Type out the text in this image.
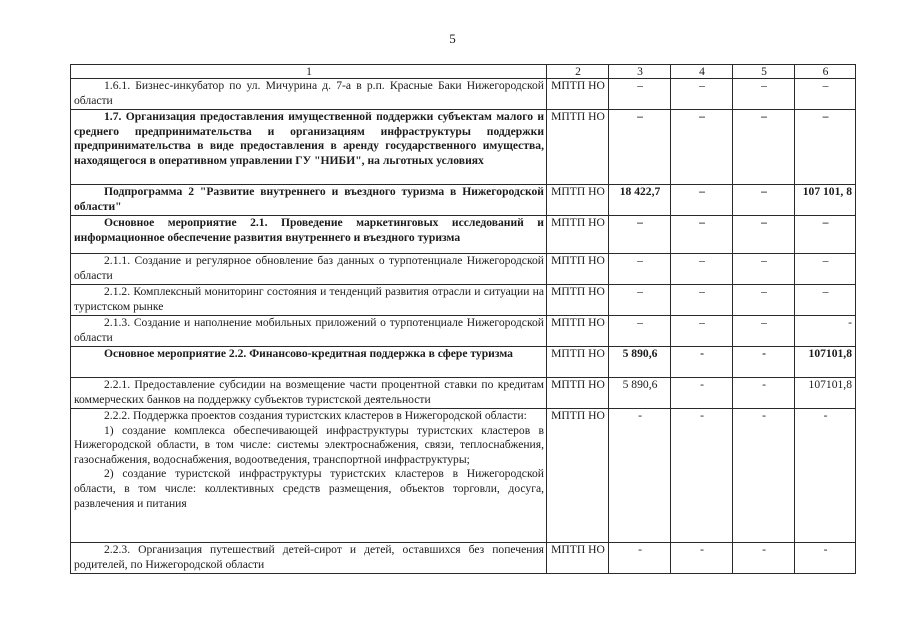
5
1	2	3	4	5	6

1.6.1. Бизнес-инкубатор по ул. Мичурина д. 7-а в р.п. Красные Баки Нижегородской области	МПТП НО	–	–	–	–

1.7. Организация предоставления имущественной поддержки субъектам малого и среднего предпринимательства и организациям инфраструктуры поддержки предпринимательства в виде предоставления в аренду государственного имущества, находящегося в оперативном управлении ГУ "НИБИ", на льготных условиях	МПТП НО	–	–	–	–

Подпрограмма 2 "Развитие внутреннего и въездного туризма в Нижегородской области"	МПТП НО	18 422,7	–	–	107 101, 8

Основное мероприятие 2.1. Проведение маркетинговых исследований и информационное обеспечение развития внутреннего и въездного туризма	МПТП НО	–	–	–	–

2.1.1. Создание и регулярное обновление баз данных о турпотенциале Нижегородской области	МПТП НО	–	–	–	–

2.1.2. Комплексный мониторинг состояния и тенденций развития отрасли и ситуации на туристском рынке	МПТП НО	–	–	–	–

2.1.3. Создание и наполнение мобильных приложений о турпотенциале Нижегородской области	МПТП НО	–	–	–	-

Основное мероприятие 2.2. Финансово-кредитная поддержка в сфере туризма	МПТП НО	5 890,6	-	-	107101,8

2.2.1. Предоставление субсидии на возмещение части процентной ставки по кредитам коммерческих банков на поддержку субъектов туристской деятельности	МПТП НО	5 890,6	-	-	107101,8

2.2.2. Поддержка проектов создания туристских кластеров в Нижегородской области:
1) создание комплекса обеспечивающей инфраструктуры туристских кластеров в Нижегородской области, в том числе: системы электроснабжения, связи, теплоснабжения, газоснабжения, водоснабжения, водоотведения, транспортной инфраструктуры;
2) создание туристской инфраструктуры туристских кластеров в Нижегородской области, в том числе: коллективных средств размещения, объектов торговли, досуга, развлечения и питания	МПТП НО	-	-	-	-

2.2.3. Организация путешествий детей-сирот и детей, оставшихся без попечения родителей, по Нижегородской области	МПТП НО	-	-	-	-
